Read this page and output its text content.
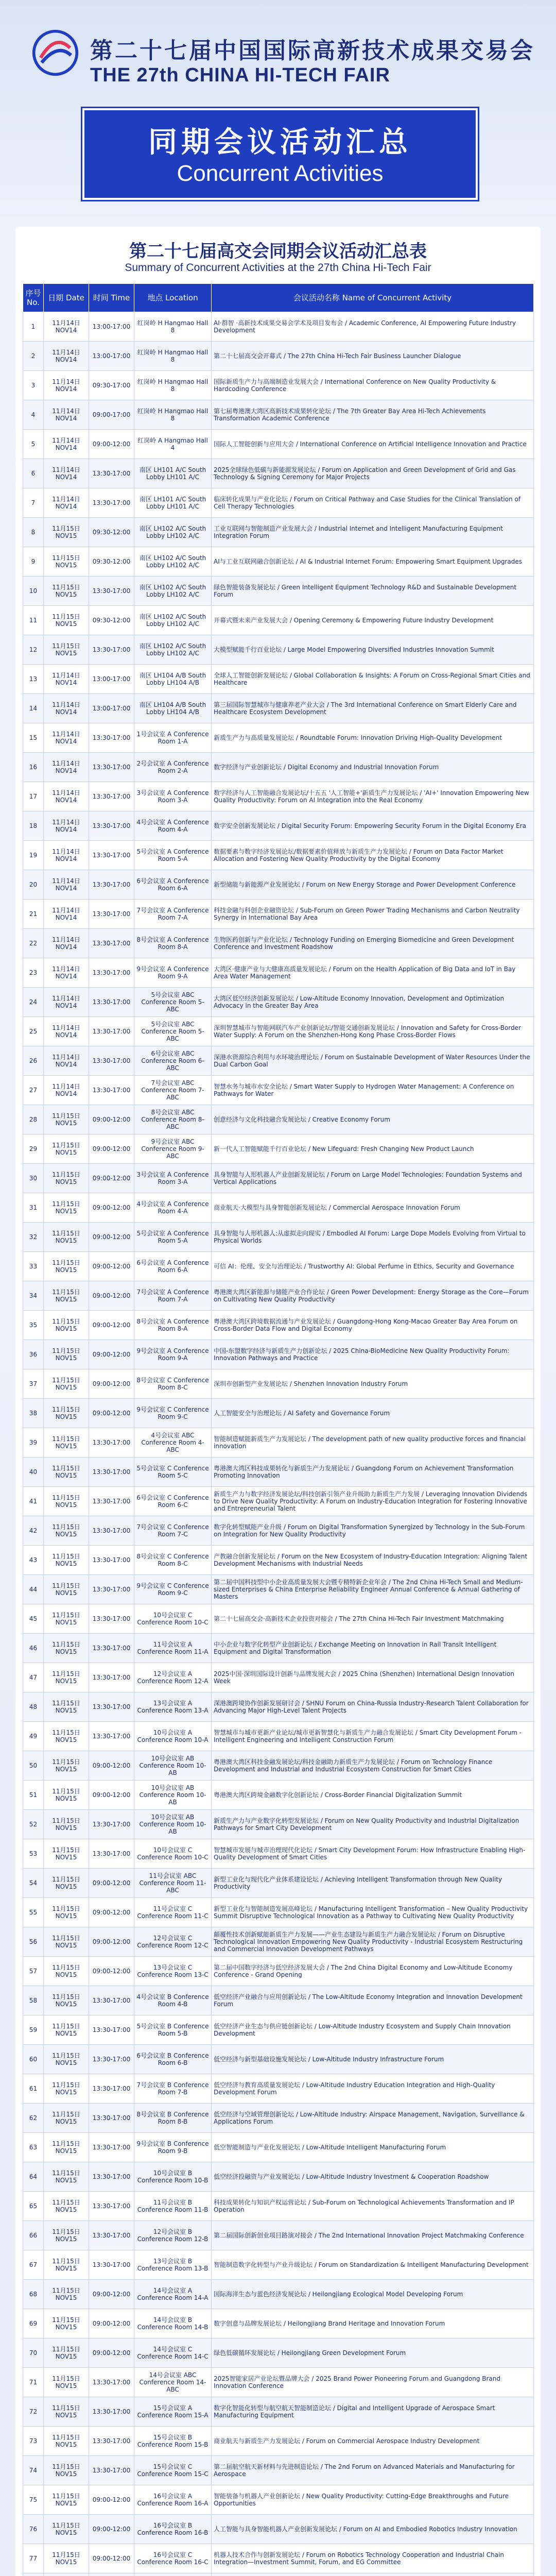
第二十七届中国国际高新技术成果交易会
THE 27th CHINA HI-TECH FAIR
同期会议活动汇总
Concurrent Activities
第二十七届高交会同期会议活动汇总表
Summary of Concurrent Activities at the 27th China Hi-Tech Fair
序号 No.	日期 Date	时间 Time	地点 Location	会议活动名称 Name of Concurrent Activity
1	11月14日 NOV14	13:00-17:00	红岗岭 H Hangmao Hall 8	AI·群智 ·高新技术成果交易会学术及项目发布会 / Academic Conference, AI Empowering Future Industry Development
2	11月14日 NOV14	13:00-17:00	红岗岭 H Hangmao Hall 8	第二十七届高交会开幕式 / The 27th China Hi-Tech Fair Business Launcher Dialogue
3	11月14日 NOV14	09:30-17:00	红岗岭 H Hangmao Hall 8	国际新质生产力与高端制造业发展大会 / International Conference on New Quality Productivity & Hardcoding Conference
4	11月14日 NOV14	09:00-17:00	红岗岭 H Hangmao Hall 8	第七届粤港澳大湾区高新技术成果转化论坛 / The 7th Greater Bay Area Hi-Tech Achievements Transformation Academic Conference
5	11月14日 NOV14	09:00-12:00	红岗岭 A Hangmao Hall 4	国际人工智能创新与应用大会 / International Conference on Artificial Intelligence Innovation and Practice
6	11月14日 NOV14	13:30-17:00	南区 LH101 A/C South Lobby LH101 A/C	2025全球绿色低碳与新能源发展论坛 / Forum on Application and Green Development of Grid and Gas Technology & Signing Ceremony for Major Projects
7	11月14日 NOV14	13:30-17:00	南区 LH101 A/C South Lobby LH101 A/C	临床转化成果与产业化论坛 / Forum on Critical Pathway and Case Studies for the Clinical Translation of Cell Therapy Technologies
8	11月15日 NOV15	09:30-12:00	南区 LH102 A/C South Lobby LH102 A/C	工业互联网与智能制造产业发展大会 / Industrial Internet and Intelligent Manufacturing Equipment Integration Forum
9	11月15日 NOV15	09:30-12:00	南区 LH102 A/C South Lobby LH102 A/C	AI与工业互联网融合创新论坛 / AI & Industrial Internet Forum: Empowering Smart Equipment Upgrades
10	11月15日 NOV15	13:30-17:00	南区 LH102 A/C South Lobby LH102 A/C	绿色智能装备发展论坛 / Green Intelligent Equipment Technology R&D and Sustainable Development Forum
11	11月15日 NOV15	09:30-12:00	南区 LH102 A/C South Lobby LH102 A/C	开幕式暨未来产业发展大会 / Opening Ceremony & Empowering Future Industry Development
12	11月15日 NOV15	13:30-17:00	南区 LH102 A/C South Lobby LH102 A/C	大模型赋能千行百业论坛 / Large Model Empowering Diversified Industries Innovation Summit
13	11月14日 NOV14	13:00-17:00	南区 LH104 A/B South Lobby LH104 A/B	全球人工智能创新发展论坛 / Global Collaboration & Insights: A Forum on Cross-Regional Smart Cities and Healthcare
14	11月14日 NOV14	13:00-17:00	南区 LH104 A/B South Lobby LH104 A/B	第三届国际智慧城市与健康养老产业大会 / The 3rd International Conference on Smart Elderly Care and Healthcare Ecosystem Development
15	11月14日 NOV14	13:30-17:00	1号会议室 A Conference Room 1-A	新质生产力与高质量发展论坛 / Roundtable Forum: Innovation Driving High-Quality Development
16	11月14日 NOV14	13:30-17:00	2号会议室 A Conference Room 2-A	数字经济与产业创新论坛 / Digital Economy and Industrial Innovation Forum
17	11月14日 NOV14	13:30-17:00	3号会议室 A Conference Room 3-A	数字经济与人工智能融合发展论坛/十五五 '人工智能+'新质生产力发展论坛 / 'AI+' Innovation Empowering New Quality Productivity: Forum on AI Integration into the Real Economy
18	11月14日 NOV14	13:30-17:00	4号会议室 A Conference Room 4-A	数字安全创新发展论坛 / Digital Security Forum: Empowering Security Forum in the Digital Economy Era
19	11月14日 NOV14	13:30-17:00	5号会议室 A Conference Room 5-A	数据要素与数字经济发展论坛/数据要素价值释放与新质生产力发展论坛 / Forum on Data Factor Market Allocation and Fostering New Quality Productivity by the Digital Economy
20	11月14日 NOV14	13:30-17:00	6号会议室 A Conference Room 6-A	新型储能与新能源产业发展论坛 / Forum on New Energy Storage and Power Development Conference
21	11月14日 NOV14	13:30-17:00	7号会议室 A Conference Room 7-A	科技金融与科创企业融资论坛 / Sub-Forum on Green Power Trading Mechanisms and Carbon Neutrality Synergy in International Bay Area
22	11月14日 NOV14	13:30-17:00	8号会议室 A Conference Room 8-A	生物医药创新与产业化论坛 / Technology Funding on Emerging Biomedicine and Green Development Conference and Investment Roadshow
23	11月14日 NOV14	13:30-17:00	9号会议室 A Conference Room 9-A	大湾区·健康产业与大健康高质量发展论坛 / Forum on the Health Application of Big Data and IoT in Bay Area Water Management
24	11月14日 NOV14	13:30-17:00	5号会议室 ABC Conference Room 5-ABC	大湾区低空经济创新发展论坛 / Low-Altitude Economy Innovation, Development and Optimization Advocacy in the Greater Bay Area
25	11月14日 NOV14	13:30-17:00	5号会议室 ABC Conference Room 5-ABC	深圳智慧城市与智能网联汽车产业创新论坛/智能交通创新发展论坛 / Innovation and Safety for Cross-Border Water Supply: A Forum on the Shenzhen-Hong Kong Phase Cross-Border Flows
26	11月14日 NOV14	13:30-17:00	6号会议室 ABC Conference Room 6-ABC	深港水资源综合利用与水环境治理论坛 / Forum on Sustainable Development of Water Resources Under the Dual Carbon Goal
27	11月14日 NOV14	13:30-17:00	7号会议室 ABC Conference Room 7-ABC	智慧水务与城市水安全论坛 / Smart Water Supply to Hydrogen Water Management: A Conference on Pathways for Water
28	11月15日 NOV15	09:00-12:00	8号会议室 ABC Conference Room 8-ABC	创意经济与文化科技融合发展论坛 / Creative Economy Forum
29	11月15日 NOV15	09:00-12:00	9号会议室 ABC Conference Room 9-ABC	新一代人工智能赋能千行百业论坛 / New Lifeguard: Fresh Changing New Product Launch
30	11月15日 NOV15	09:00-12:00	3号会议室 A Conference Room 3-A	具身智能与人形机器人产业创新发展论坛 / Forum on Large Model Technologies: Foundation Systems and Vertical Applications
31	11月15日 NOV15	09:00-12:00	4号会议室 A Conference Room 4-A	商业航天·大模型与具身智能创新发展论坛 / Commercial Aerospace Innovation Forum
32	11月15日 NOV15	09:00-12:00	5号会议室 A Conference Room 5-A	具身智能与人形机器人:从虚拟走向现实 / Embodied AI Forum: Large Dope Models Evolving from Virtual to Physical Worlds
33	11月15日 NOV15	09:00-12:00	6号会议室 A Conference Room 6-A	可信 AI：伦理、安全与治理论坛 / Trustworthy AI: Global Perfume in Ethics, Security and Governance
34	11月15日 NOV15	09:00-12:00	7号会议室 A Conference Room 7-A	粤港澳大湾区新能源与储能产业合作论坛 / Green Power Development: Energy Storage as the Core—Forum on Cultivating New Quality Productivity
35	11月15日 NOV15	09:00-12:00	8号会议室 A Conference Room 8-A	粤港澳大湾区跨境数据流通与产业发展论坛 / Guangdong-Hong Kong-Macao Greater Bay Area Forum on Cross-Border Data Flow and Digital Economy
36	11月15日 NOV15	09:00-12:00	9号会议室 A Conference Room 9-A	中国-东盟数字经济与新质生产力创新论坛 / 2025 China-BioMedicine New Quality Productivity Forum: Innovation Pathways and Practice
37	11月15日 NOV15	09:00-12:00	8号会议室 C Conference Room 8-C	深圳市创新型产业发展论坛 / Shenzhen Innovation Industry Forum
38	11月15日 NOV15	09:00-12:00	9号会议室 C Conference Room 9-C	人工智能安全与治理论坛 / AI Safety and Governance Forum
39	11月15日 NOV15	13:30-17:00	4号会议室 ABC Conference Room 4-ABC	智能制造赋能新质生产力发展论坛 / The development path of new quality productive forces and financial innovation
40	11月15日 NOV15	13:30-17:00	5号会议室 C Conference Room 5-C	粤港澳大湾区科技成果转化与新质生产力发展论坛 / Guangdong Forum on Achievement Transformation Promoting Innovation
41	11月15日 NOV15	13:30-17:00	6号会议室 C Conference Room 6-C	新质生产力与数字经济发展论坛/科技创新引领产业升级助力新质生产力发展 / Leveraging Innovation Dividends to Drive New Quality Productivity: A Forum on Industry-Education Integration for Fostering Innovative and Entrepreneurial Talent
42	11月15日 NOV15	13:30-17:00	7号会议室 C Conference Room 7-C	数字化转型赋能产业升级 / Forum on Digital Transformation Synergized by Technology in the Sub-Forum on Integration for New Quality Productivity
43	11月15日 NOV15	13:30-17:00	8号会议室 C Conference Room 8-C	产教融合创新发展论坛 / Forum on the New Ecosystem of Industry-Education Integration: Aligning Talent Development Mechanisms with Industrial Needs
44	11月15日 NOV15	13:30-17:00	9号会议室 C Conference Room 9-C	第二届中国科技型中小企业高质量发展大会暨专精特新企业年会 / The 2nd China Hi-Tech Small and Medium-sized Enterprises & China Enterprise Reliability Engineer Annual Conference & Annual Gathering of Masters
45	11月15日 NOV15	13:30-17:00	10号会议室 C Conference Room 10-C	第二十七届高交会·高新技术企业投资对接会 / The 27th China Hi-Tech Fair Investment Matchmaking
46	11月15日 NOV15	13:30-17:00	11号会议室 A Conference Room 11-A	中小企业与数字化转型产业创新论坛 / Exchange Meeting on Innovation in Rail Transit Intelligent Equipment and Digital Transformation
47	11月15日 NOV15	13:30-17:00	12号会议室 A Conference Room 12-A	2025中国·深圳国际设计创新与品牌发展大会 / 2025 China (Shenzhen) International Design Innovation Week
48	11月15日 NOV15	13:30-17:00	13号会议室 A Conference Room 13-A	深港澳跨境协作创新发展研讨会 / SHNU Forum on China-Russia Industry-Research Talent Collaboration for Advancing Major High-Level Talent Projects
49	11月15日 NOV15	13:30-17:00	10号会议室 A Conference Room 10-A	智慧城市与城市更新产业论坛/城市更新智慧化与新质生产力融合发展论坛 / Smart City Development Forum - Intelligent Engineering and Intelligent Construction Forum
50	11月15日 NOV15	09:00-12:00	10号会议室 AB Conference Room 10-AB	粤港澳大湾区科技金融发展论坛/科技金融助力新质生产力发展论坛 / Forum on Technology Finance Development and Industrial and Industrial Ecosystem Construction for Smart Cities
51	11月15日 NOV15	09:00-12:00	10号会议室 AB Conference Room 10-AB	粤港澳大湾区跨境金融数字化创新论坛 / Cross-Border Financial Digitalization Summit
52	11月15日 NOV15	13:30-17:00	10号会议室 AB Conference Room 10-AB	新质生产力与产业数字化转型发展论坛 / Forum on New Quality Productivity and Industrial Digitalization Pathways for Smart City Development
53	11月15日 NOV15	13:30-17:00	10号会议室 C Conference Room 10-C	智慧城市发展与城市治理现代化论坛 / Smart City Development Forum: How Infrastructure Enabling High-Quality Development of Smart Cities
54	11月15日 NOV15	09:00-12:00	11号会议室 ABC Conference Room 11-ABC	新型工业化与现代化产业体系建设论坛 / Achieving Intelligent Transformation through New Quality Productivity
55	11月15日 NOV15	09:00-12:00	11号会议室 C Conference Room 11-C	新型工业化与智能制造发展高峰论坛 / Manufacturing Intelligent Transformation – New Quality Productivity Summit Disruptive Technological Innovation as a Pathway to Cultivating New Quality Productivity
56	11月15日 NOV15	09:00-12:00	12号会议室 C Conference Room 12-C	颠覆性技术创新赋能新质生产力发展——产业生态建设与新质生产力融合发展论坛 / Forum on Disruptive Technological Innovation Empowering New Quality Productivity - Industrial Ecosystem Restructuring and Commercial Innovation Development Pathways
57	11月15日 NOV15	09:00-12:00	13号会议室 C Conference Room 13-C	第二届中国数字经济与低空经济发展大会 / The 2nd China Digital Economy and Low-Altitude Economy Conference - Grand Opening
58	11月15日 NOV15	13:30-17:00	4号会议室 B Conference Room 4-B	低空经济产业融合与应用创新论坛 / The Low-Altitude Economy Integration and Innovation Development Forum
59	11月15日 NOV15	13:30-17:00	5号会议室 B Conference Room 5-B	低空经济产业生态与供应链创新论坛 / Low-Altitude Industry Ecosystem and Supply Chain Innovation Development
60	11月15日 NOV15	13:30-17:00	6号会议室 B Conference Room 6-B	低空经济与新型基础设施发展论坛 / Low-Altitude Industry Infrastructure Forum
61	11月15日 NOV15	13:30-17:00	7号会议室 B Conference Room 7-B	低空经济与教育高质量发展论坛 / Low-Altitude Industry Education Integration and High-Quality Development Forum
62	11月15日 NOV15	13:30-17:00	8号会议室 B Conference Room 8-B	低空经济与空域管理创新论坛 / Low-Altitude Industry: Airspace Management, Navigation, Surveillance & Applications Forum
63	11月15日 NOV15	13:30-17:00	9号会议室 B Conference Room 9-B	低空智能制造与产业化发展论坛 / Low-Altitude Intelligent Manufacturing Forum
64	11月15日 NOV15	13:30-17:00	10号会议室 B Conference Room 10-B	低空经济投融资与产业发展论坛 / Low-Altitude Industry Investment & Cooperation Roadshow
65	11月15日 NOV15	13:30-17:00	11号会议室 B Conference Room 11-B	科技成果转化与知识产权运营论坛 / Sub-Forum on Technological Achievements Transformation and IP Operation
66	11月15日 NOV15	13:30-17:00	12号会议室 B Conference Room 12-B	第二届国际创新创业项目路演对接会 / The 2nd International Innovation Project Matchmaking Conference
67	11月15日 NOV15	13:30-17:00	13号会议室 B Conference Room 13-B	智能制造数字化转型与产业升级论坛 / Forum on Standardization & Intelligent Manufacturing Development
68	11月15日 NOV15	09:00-12:00	14号会议室 A Conference Room 14-A	国际海洋生态与蓝色经济发展论坛 / Heilongjiang Ecological Model Developing Forum
69	11月15日 NOV15	09:00-12:00	14号会议室 B Conference Room 14-B	数字创意与品牌发展论坛 / Heilongjiang Brand Heritage and Innovation Forum
70	11月15日 NOV15	09:00-12:00	14号会议室 C Conference Room 14-C	绿色低碳循环发展论坛 / Heilongjiang Green Development Forum
71	11月15日 NOV15	13:30-17:00	14号会议室 ABC Conference Room 14-ABC	2025智能家居产业论坛暨品牌大会 / 2025 Brand Power Pioneering Forum and Guangdong Brand Innovation Conference
72	11月15日 NOV15	13:30-17:00	15号会议室 A Conference Room 15-A	数字化智能化转型与航空航天智能制造论坛 / Digital and Intelligent Upgrade of Aerospace Smart Manufacturing Equipment
73	11月15日 NOV15	13:30-17:00	15号会议室 B Conference Room 15-B	商业航天与新质生产力发展论坛 / Forum on Commercial Aerospace Industry Development
74	11月15日 NOV15	13:30-17:00	15号会议室 C Conference Room 15-C	第二届航空航天新材料与先进制造论坛 / The 2nd Forum on Advanced Materials and Manufacturing for Aerospace
75	11月15日 NOV15	09:00-12:00	16号会议室 A Conference Room 16-A	智能装备与机器人产业创新论坛 / New Quality Productivity: Cutting-Edge Breakthroughs and Future Opportunities
76	11月15日 NOV15	09:00-12:00	16号会议室 B Conference Room 16-B	人工智能与具身智能机器人产业创新发展论坛 / Forum on AI and Embodied Robotics Industry Innovation
77	11月15日 NOV15	09:00-12:00	16号会议室 C Conference Room 16-C	机器人技术合作与创新发展论坛 / Forum on Robotics Technology Cooperation and Industrial Chain Integration—Investment Summit, Forum, and EG Committee
